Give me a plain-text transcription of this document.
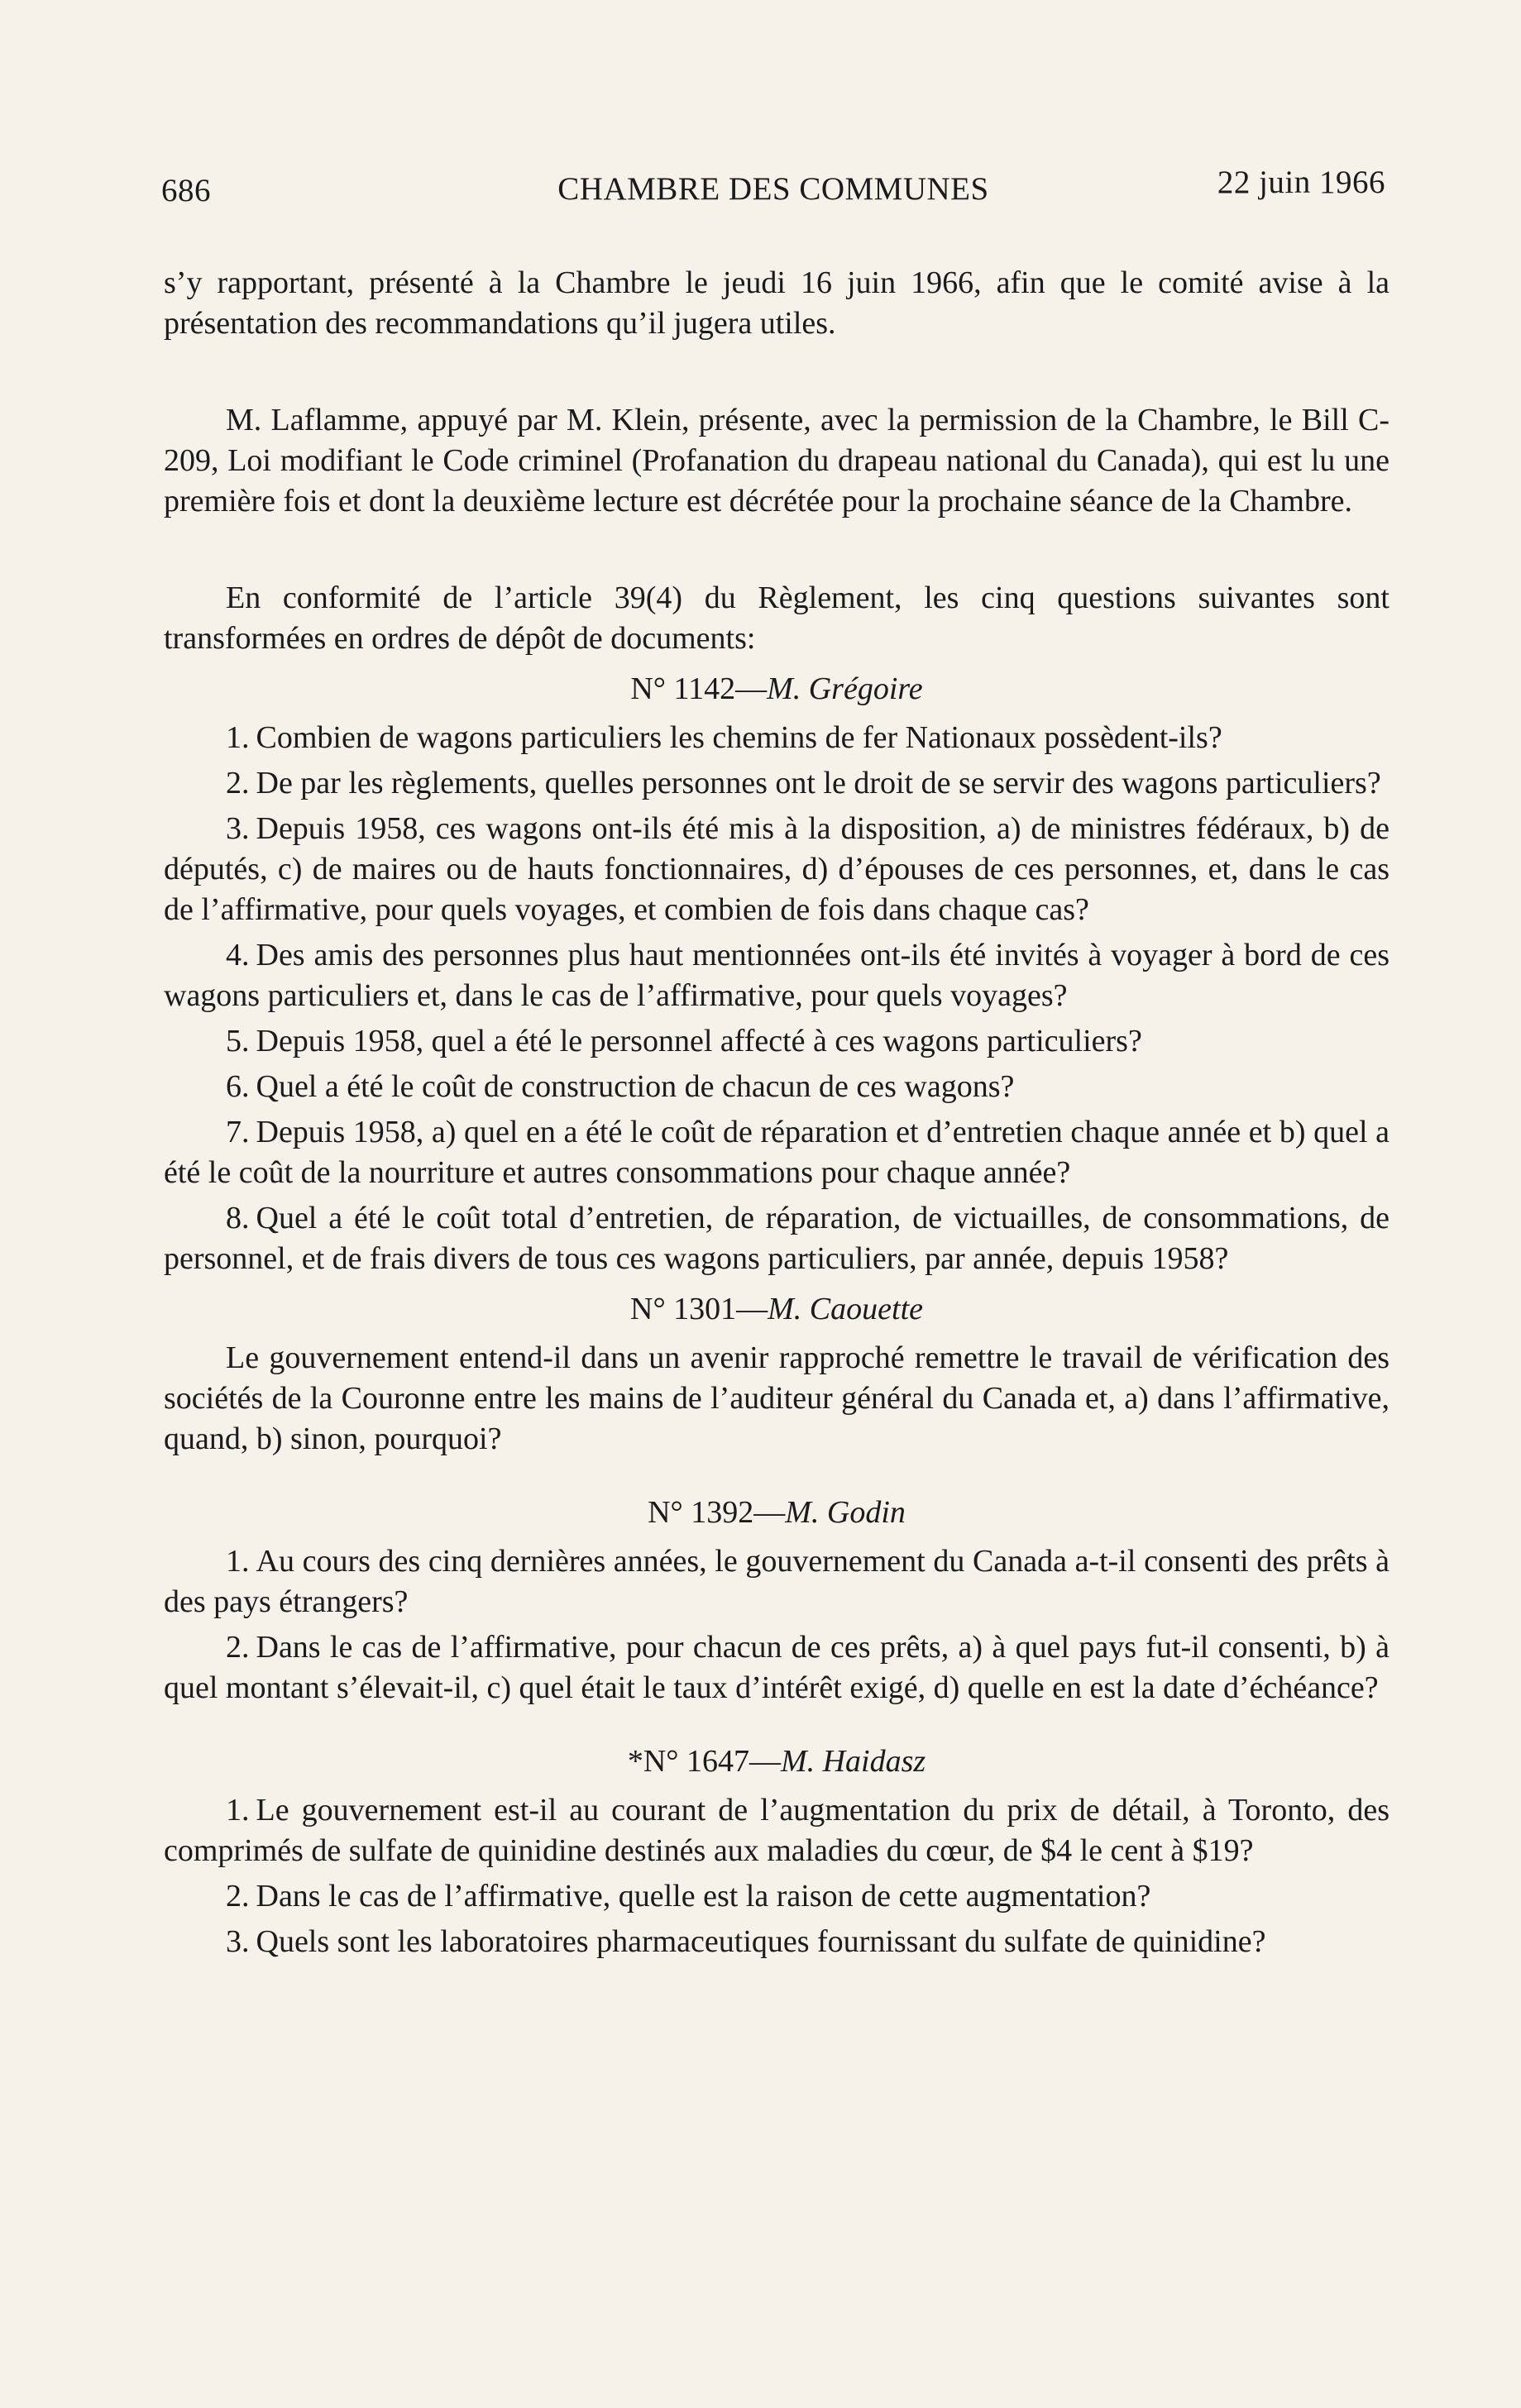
686	CHAMBRE DES COMMUNES	22 juin 1966

s’y rapportant, présenté à la Chambre le jeudi 16 juin 1966, afin que le comité avise à la présentation des recommandations qu’il jugera utiles.

M. Laflamme, appuyé par M. Klein, présente, avec la permission de la Chambre, le Bill C-209, Loi modifiant le Code criminel (Profanation du drapeau national du Canada), qui est lu une première fois et dont la deuxième lecture est décrétée pour la prochaine séance de la Chambre.

En conformité de l’article 39(4) du Règlement, les cinq questions suivantes sont transformées en ordres de dépôt de documents:

N° 1142—M. Grégoire

1. Combien de wagons particuliers les chemins de fer Nationaux possèdent-ils?

2. De par les règlements, quelles personnes ont le droit de se servir des wagons particuliers?

3. Depuis 1958, ces wagons ont-ils été mis à la disposition, a) de ministres fédéraux, b) de députés, c) de maires ou de hauts fonctionnaires, d) d’épouses de ces personnes, et, dans le cas de l’affirmative, pour quels voyages, et combien de fois dans chaque cas?

4. Des amis des personnes plus haut mentionnées ont-ils été invités à voyager à bord de ces wagons particuliers et, dans le cas de l’affirmative, pour quels voyages?

5. Depuis 1958, quel a été le personnel affecté à ces wagons particuliers?

6. Quel a été le coût de construction de chacun de ces wagons?

7. Depuis 1958, a) quel en a été le coût de réparation et d’entretien chaque année et b) quel a été le coût de la nourriture et autres consommations pour chaque année?

8. Quel a été le coût total d’entretien, de réparation, de victuailles, de consommations, de personnel, et de frais divers de tous ces wagons particuliers, par année, depuis 1958?

N° 1301—M. Caouette

Le gouvernement entend-il dans un avenir rapproché remettre le travail de vérification des sociétés de la Couronne entre les mains de l’auditeur général du Canada et, a) dans l’affirmative, quand, b) sinon, pourquoi?

N° 1392—M. Godin

1. Au cours des cinq dernières années, le gouvernement du Canada a-t-il consenti des prêts à des pays étrangers?

2. Dans le cas de l’affirmative, pour chacun de ces prêts, a) à quel pays fut-il consenti, b) à quel montant s’élevait-il, c) quel était le taux d’intérêt exigé, d) quelle en est la date d’échéance?

*N° 1647—M. Haidasz

1. Le gouvernement est-il au courant de l’augmentation du prix de détail, à Toronto, des comprimés de sulfate de quinidine destinés aux maladies du cœur, de $4 le cent à $19?

2. Dans le cas de l’affirmative, quelle est la raison de cette augmentation?

3. Quels sont les laboratoires pharmaceutiques fournissant du sulfate de quinidine?
